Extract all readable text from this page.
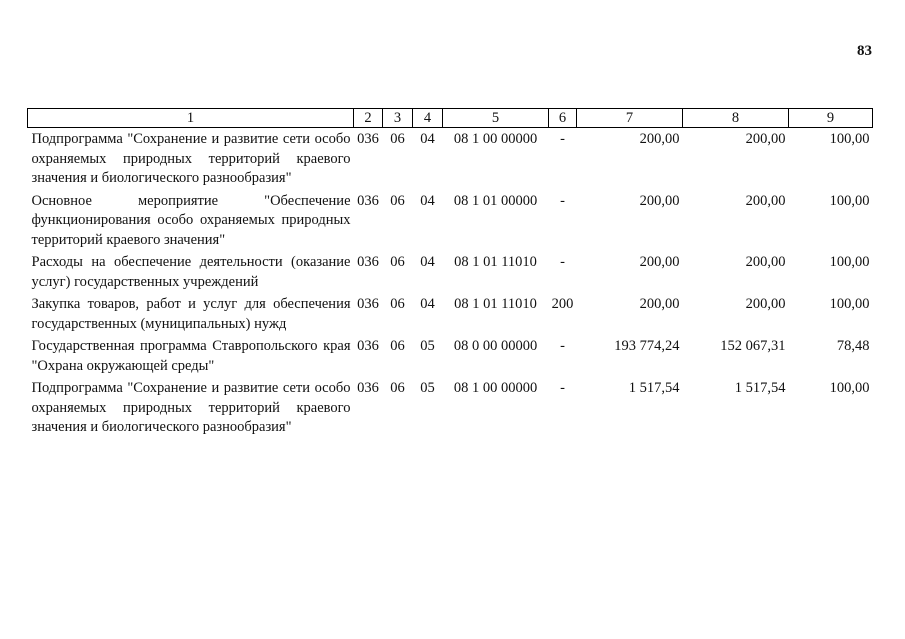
83
1	2	3	4	5	6	7	8	9
Подпрограмма "Сохранение и развитие сети особо охраняемых природных территорий краевого значения и биологического разнообразия"	036	06	04	08 1 00 00000	-	200,00	200,00	100,00
Основное мероприятие "Обеспечение функционирования особо охраняемых природных территорий краевого значения"	036	06	04	08 1 01 00000	-	200,00	200,00	100,00
Расходы на обеспечение деятельности (оказание услуг) государственных учреждений	036	06	04	08 1 01 11010	-	200,00	200,00	100,00
Закупка товаров, работ и услуг для обеспечения государственных (муниципальных) нужд	036	06	04	08 1 01 11010	200	200,00	200,00	100,00
Государственная программа Ставропольского края "Охрана окружающей среды"	036	06	05	08 0 00 00000	-	193 774,24	152 067,31	78,48
Подпрограмма "Сохранение и развитие сети особо охраняемых природных территорий краевого значения и биологического разнообразия"	036	06	05	08 1 00 00000	-	1 517,54	1 517,54	100,00
